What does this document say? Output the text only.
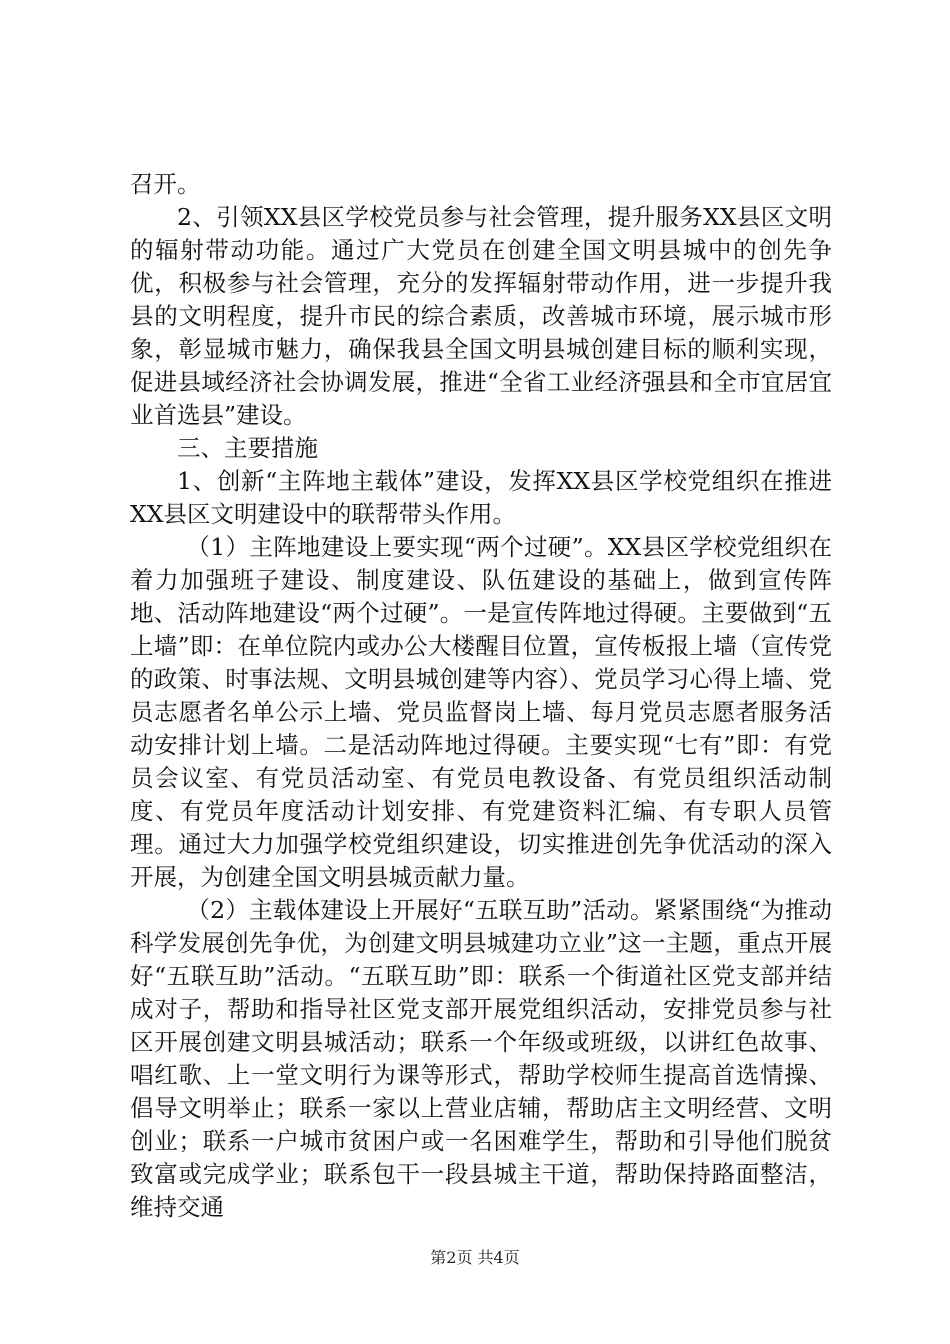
召开。

2、引领XX县区学校党员参与社会管理，提升服务XX县区文明的辐射带动功能。通过广大党员在创建全国文明县城中的创先争优，积极参与社会管理，充分的发挥辐射带动作用，进一步提升我县的文明程度，提升市民的综合素质，改善城市环境，展示城市形象，彰显城市魅力，确保我县全国文明县城创建目标的顺利实现，促进县域经济社会协调发展，推进“全省工业经济强县和全市宜居宜业首选县”建设。

三、主要措施

1、创新“主阵地主载体”建设，发挥XX县区学校党组织在推进XX县区文明建设中的联帮带头作用。

（1）主阵地建设上要实现“两个过硬”。XX县区学校党组织在着力加强班子建设、制度建设、队伍建设的基础上，做到宣传阵地、活动阵地建设“两个过硬”。一是宣传阵地过得硬。主要做到“五上墙”即：在单位院内或办公大楼醒目位置，宣传板报上墙（宣传党的政策、时事法规、文明县城创建等内容）、党员学习心得上墙、党员志愿者名单公示上墙、党员监督岗上墙、每月党员志愿者服务活动安排计划上墙。二是活动阵地过得硬。主要实现“七有”即：有党员会议室、有党员活动室、有党员电教设备、有党员组织活动制度、有党员年度活动计划安排、有党建资料汇编、有专职人员管理。通过大力加强学校党组织建设，切实推进创先争优活动的深入开展，为创建全国文明县城贡献力量。

（2）主载体建设上开展好“五联互助”活动。紧紧围绕“为推动科学发展创先争优，为创建文明县城建功立业”这一主题，重点开展好“五联互助”活动。“五联互助”即：联系一个街道社区党支部并结成对子，帮助和指导社区党支部开展党组织活动，安排党员参与社区开展创建文明县城活动；联系一个年级或班级，以讲红色故事、唱红歌、上一堂文明行为课等形式，帮助学校师生提高首选情操、倡导文明举止；联系一家以上营业店辅，帮助店主文明经营、文明创业；联系一户城市贫困户或一名困难学生，帮助和引导他们脱贫致富或完成学业；联系包干一段县城主干道，帮助保持路面整洁，维持交通

第2页 共4页
